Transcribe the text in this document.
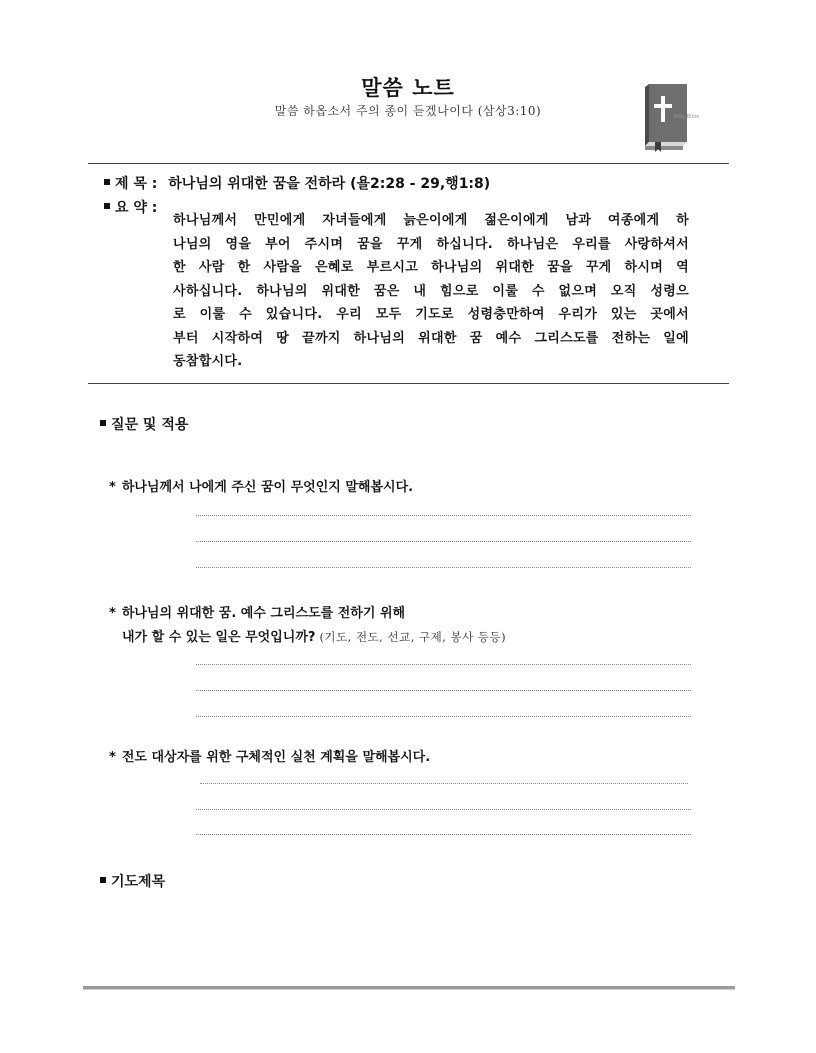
말씀 노트
말씀 하옵소서 주의 종이 듣겠나이다 (삼상3:10)	Holy Bible
제 목 : 하나님의 위대한 꿈을 전하라 (욜2:28 - 29,행1:8)
요 약 :

하나님께서 만민에게 자녀들에게 늙은이에게 젊은이에게 남과 여종에게 하

나님의 영을 부어 주시며 꿈을 꾸게 하십니다. 하나님은 우리를 사랑하셔서

한 사람 한 사람을 은혜로 부르시고 하나님의 위대한 꿈을 꾸게 하시며 역

사하십니다. 하나님의 위대한 꿈은 내 힘으로 이룰 수 없으며 오직 성령으

로 이룰 수 있습니다. 우리 모두 기도로 성령충만하여 우리가 있는 곳에서

부터 시작하여 땅 끝까지 하나님의 위대한 꿈 예수 그리스도를 전하는 일에

동참합시다.

질문 및 적용
* 하나님께서 나에게 주신 꿈이 무엇인지 말해봅시다.
* 하나님의 위대한 꿈. 예수 그리스도를 전하기 위해
내가 할 수 있는 일은 무엇입니까? (기도, 전도, 선교, 구제, 봉사 등등)
* 전도 대상자를 위한 구체적인 실천 계획을 말해봅시다.
기도제목
